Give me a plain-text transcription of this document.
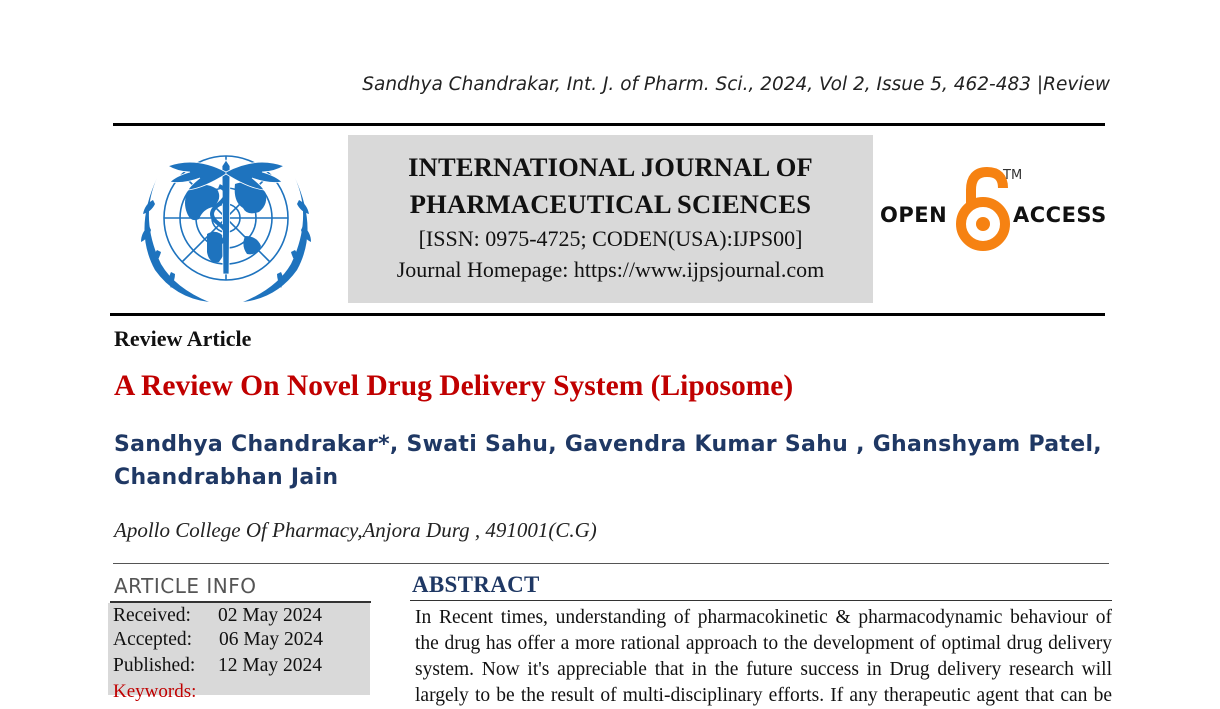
Sandhya Chandrakar, Int. J. of Pharm. Sci., 2024, Vol 2, Issue 5, 462-483 |Review
INTERNATIONAL JOURNAL OF
PHARMACEUTICAL SCIENCES
[ISSN: 0975-4725; CODEN(USA):IJPS00]
Journal Homepage: https://www.ijpsjournal.com
OPEN
TM
ACCESS
Review Article
A Review On Novel Drug Delivery System (Liposome)
Sandhya Chandrakar*, Swati Sahu, Gavendra Kumar Sahu , Ghanshyam Patel,
Chandrabhan Jain
Apollo College Of Pharmacy,Anjora Durg , 491001(C.G)
ARTICLE INFO
Received: 02 May 2024
Accepted: 06 May 2024
Published: 12 May 2024
Keywords:
ABSTRACT
In Recent times, understanding of pharmacokinetic & pharmacodynamic behaviour of
the drug has offer a more rational approach to the development of optimal drug delivery
system. Now it's appreciable that in the future success in Drug delivery research will
largely to be the result of multi-disciplinary efforts. If any therapeutic agent that can be
